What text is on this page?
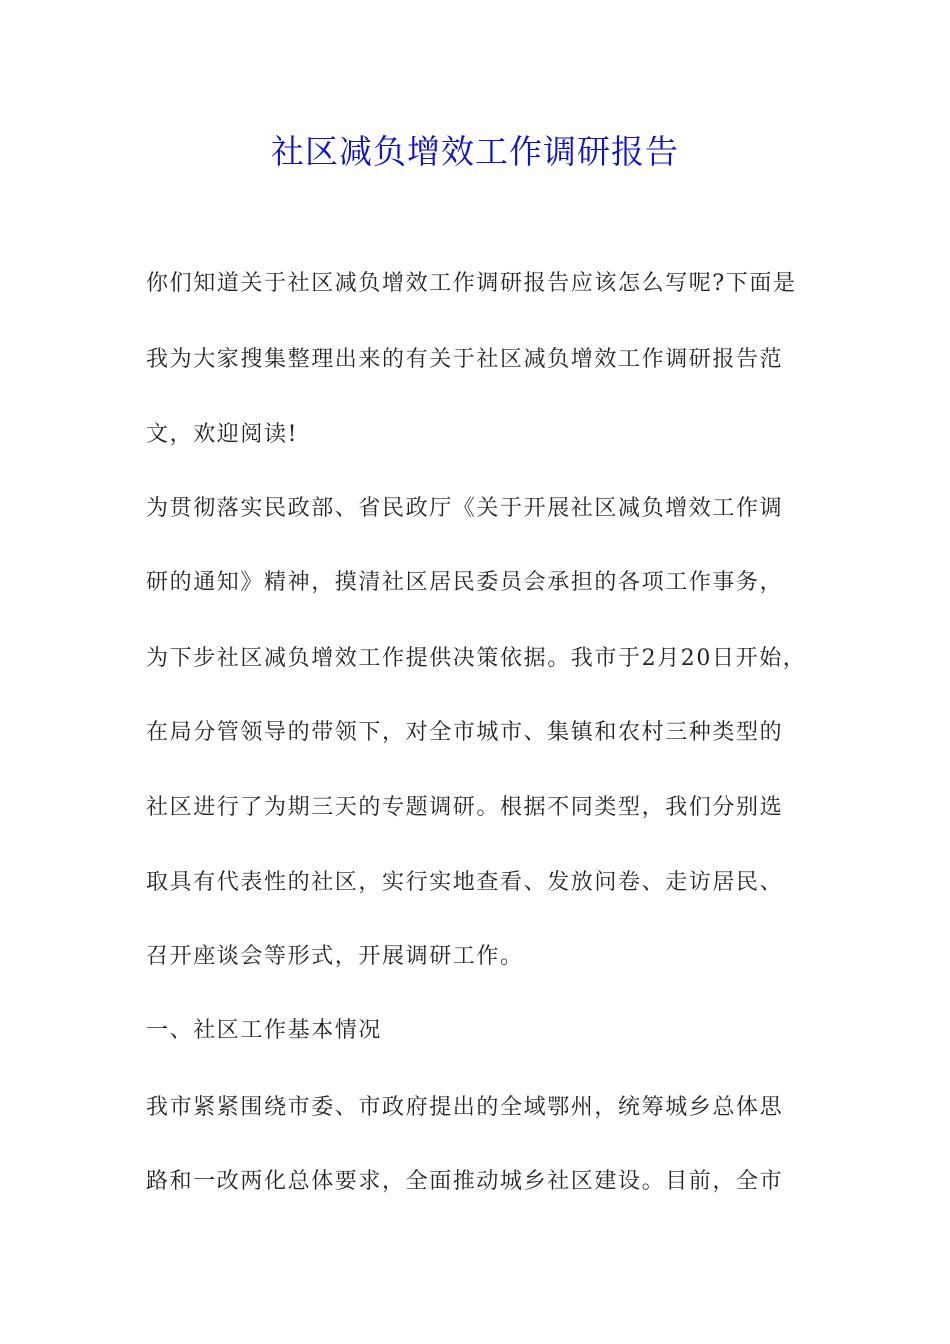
社区减负增效工作调研报告

你们知道关于社区减负增效工作调研报告应该怎么写呢?下面是

我为大家搜集整理出来的有关于社区减负增效工作调研报告范

文，欢迎阅读!

为贯彻落实民政部、省民政厅《关于开展社区减负增效工作调

研的通知》精神，摸清社区居民委员会承担的各项工作事务，

为下步社区减负增效工作提供决策依据。我市于2月20日开始，

在局分管领导的带领下，对全市城市、集镇和农村三种类型的

社区进行了为期三天的专题调研。根据不同类型，我们分别选

取具有代表性的社区，实行实地查看、发放问卷、走访居民、

召开座谈会等形式，开展调研工作。

一、社区工作基本情况

我市紧紧围绕市委、市政府提出的全域鄂州，统筹城乡总体思

路和一改两化总体要求，全面推动城乡社区建设。目前，全市
